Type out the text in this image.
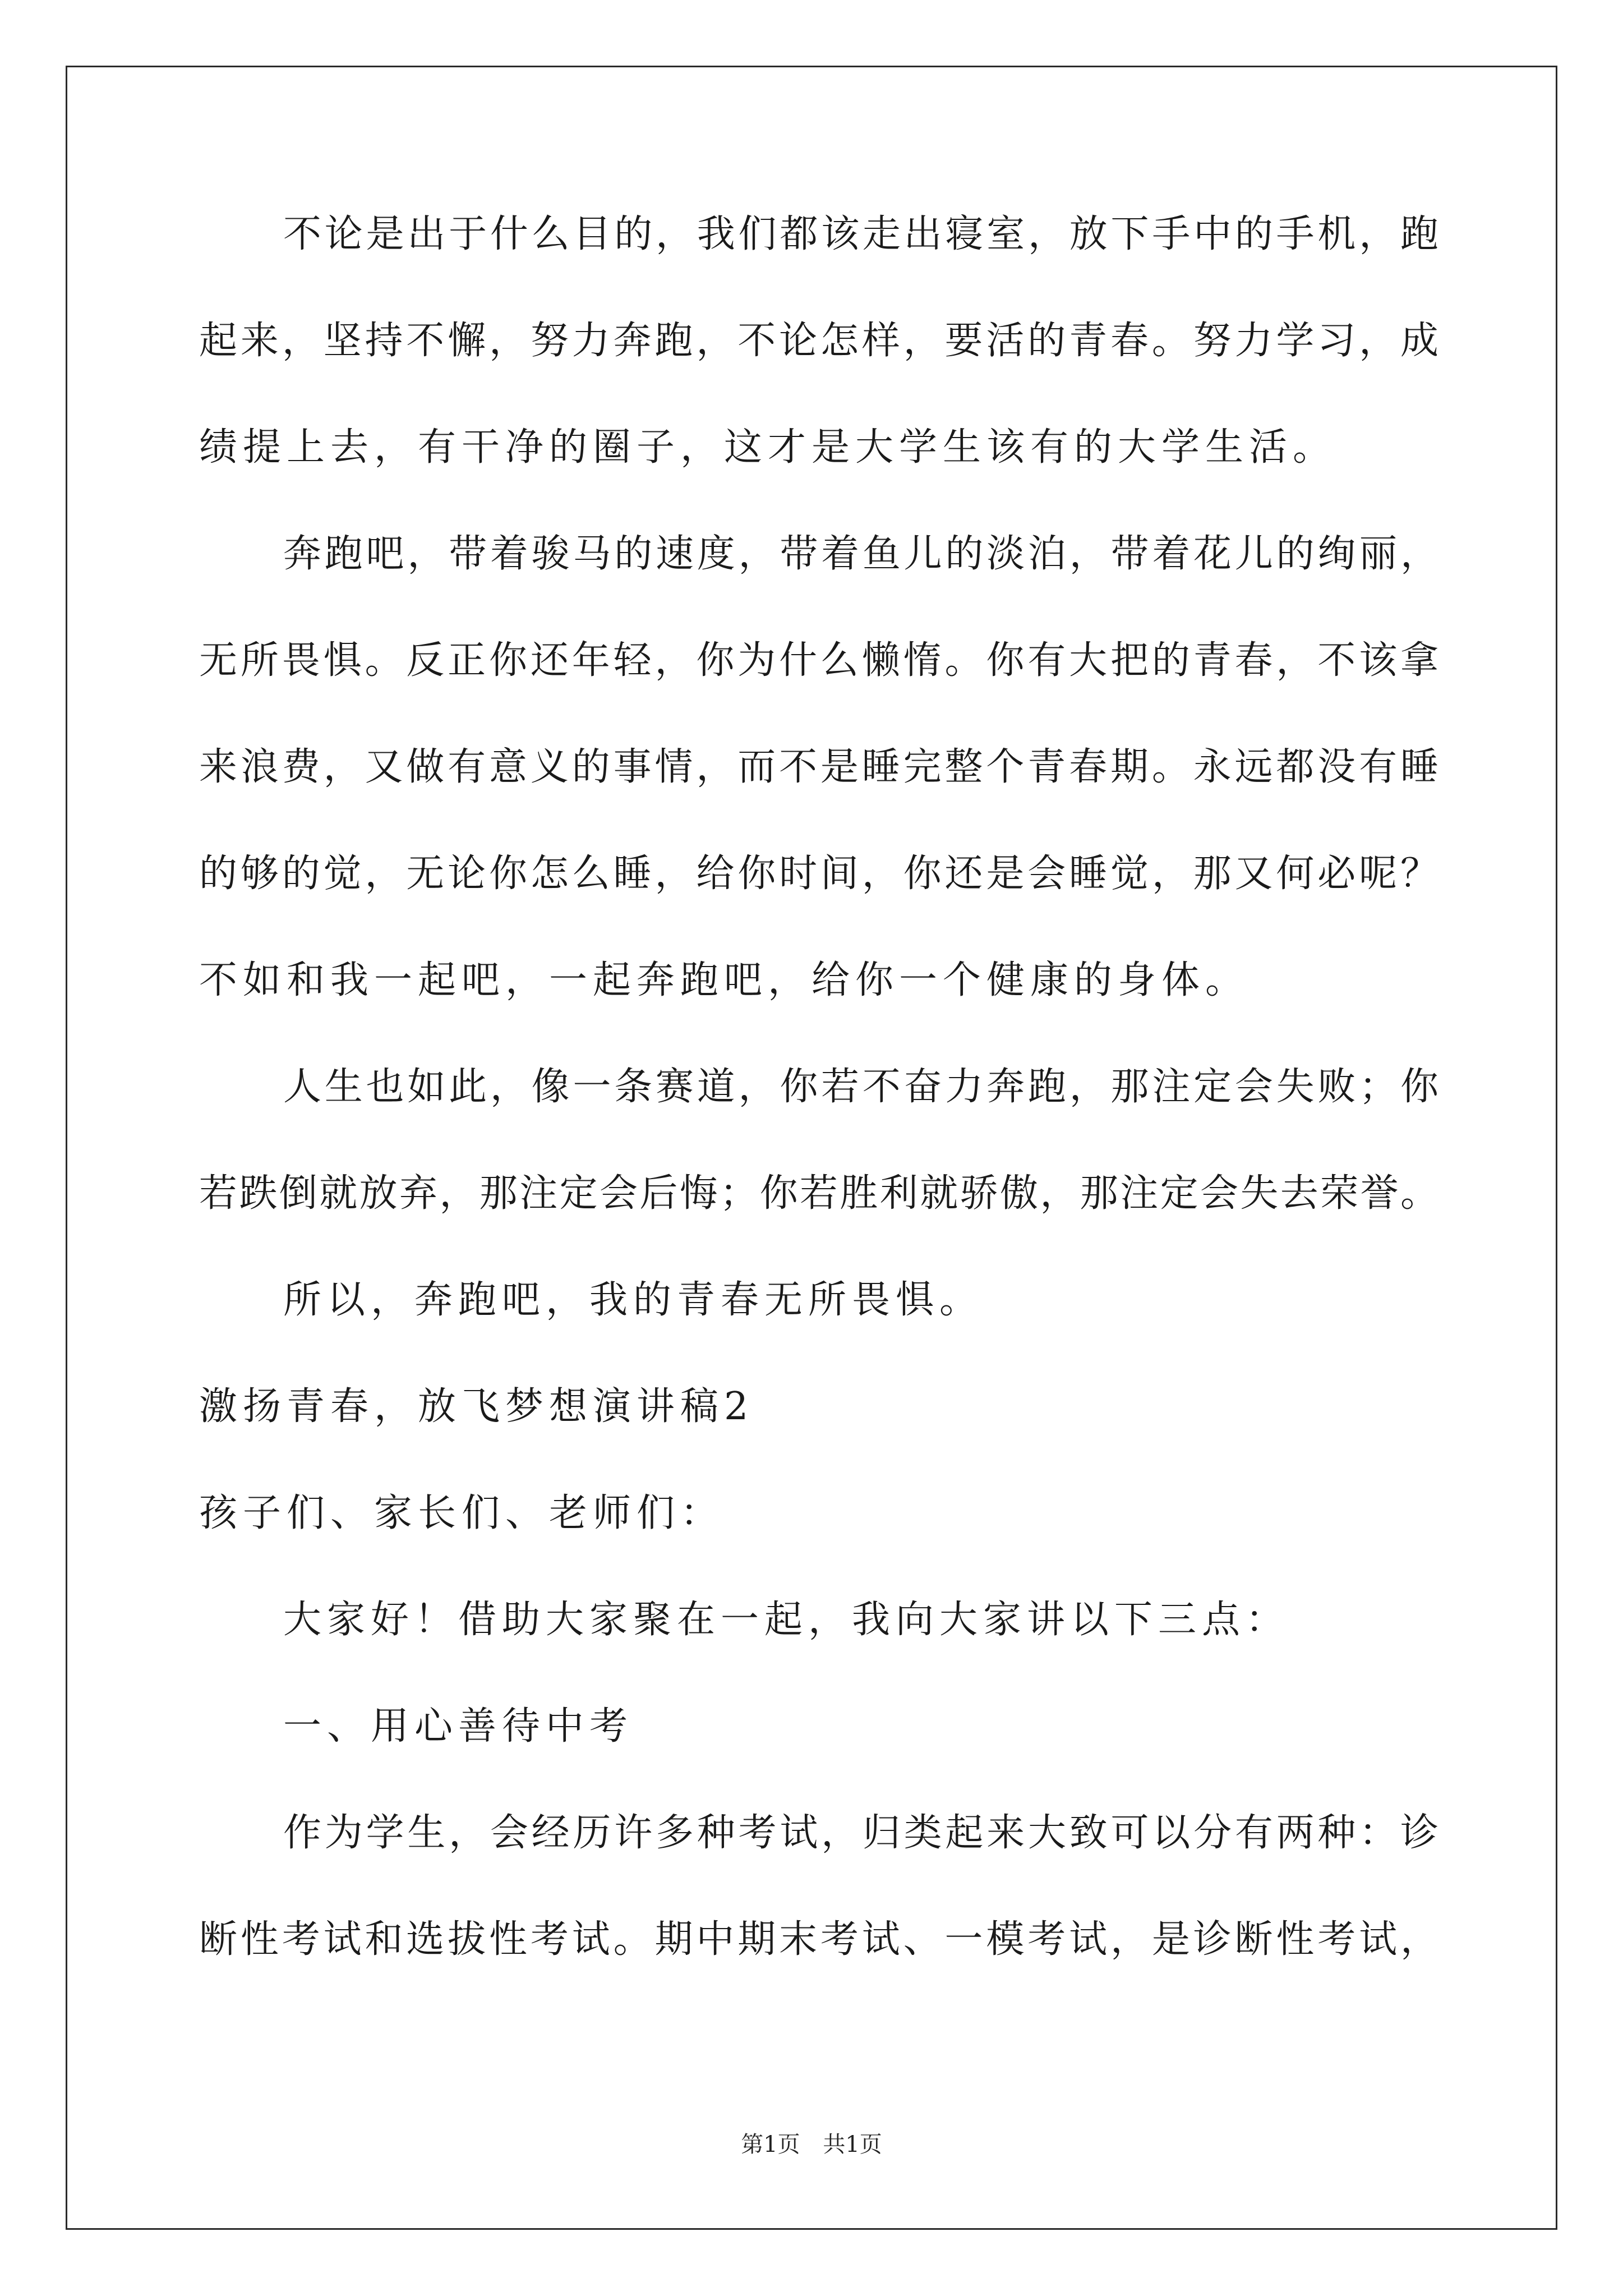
不论是出于什么目的，我们都该走出寝室，放下手中的手机，跑
起来，坚持不懈，努力奔跑，不论怎样，要活的青春。努力学习，成
绩提上去，有干净的圈子，这才是大学生该有的大学生活。
奔跑吧，带着骏马的速度，带着鱼儿的淡泊，带着花儿的绚丽，
无所畏惧。反正你还年轻，你为什么懒惰。你有大把的青春，不该拿
来浪费，又做有意义的事情，而不是睡完整个青春期。永远都没有睡
的够的觉，无论你怎么睡，给你时间，你还是会睡觉，那又何必呢？
不如和我一起吧，一起奔跑吧，给你一个健康的身体。
人生也如此，像一条赛道，你若不奋力奔跑，那注定会失败；你
若跌倒就放弃，那注定会后悔；你若胜利就骄傲，那注定会失去荣誉。
所以，奔跑吧，我的青春无所畏惧。
激扬青春，放飞梦想演讲稿2
孩子们、家长们、老师们：
大家好！借助大家聚在一起，我向大家讲以下三点：
一、用心善待中考
作为学生，会经历许多种考试，归类起来大致可以分有两种：诊
断性考试和选拔性考试。期中期末考试、一模考试，是诊断性考试，
第1页 共1页
